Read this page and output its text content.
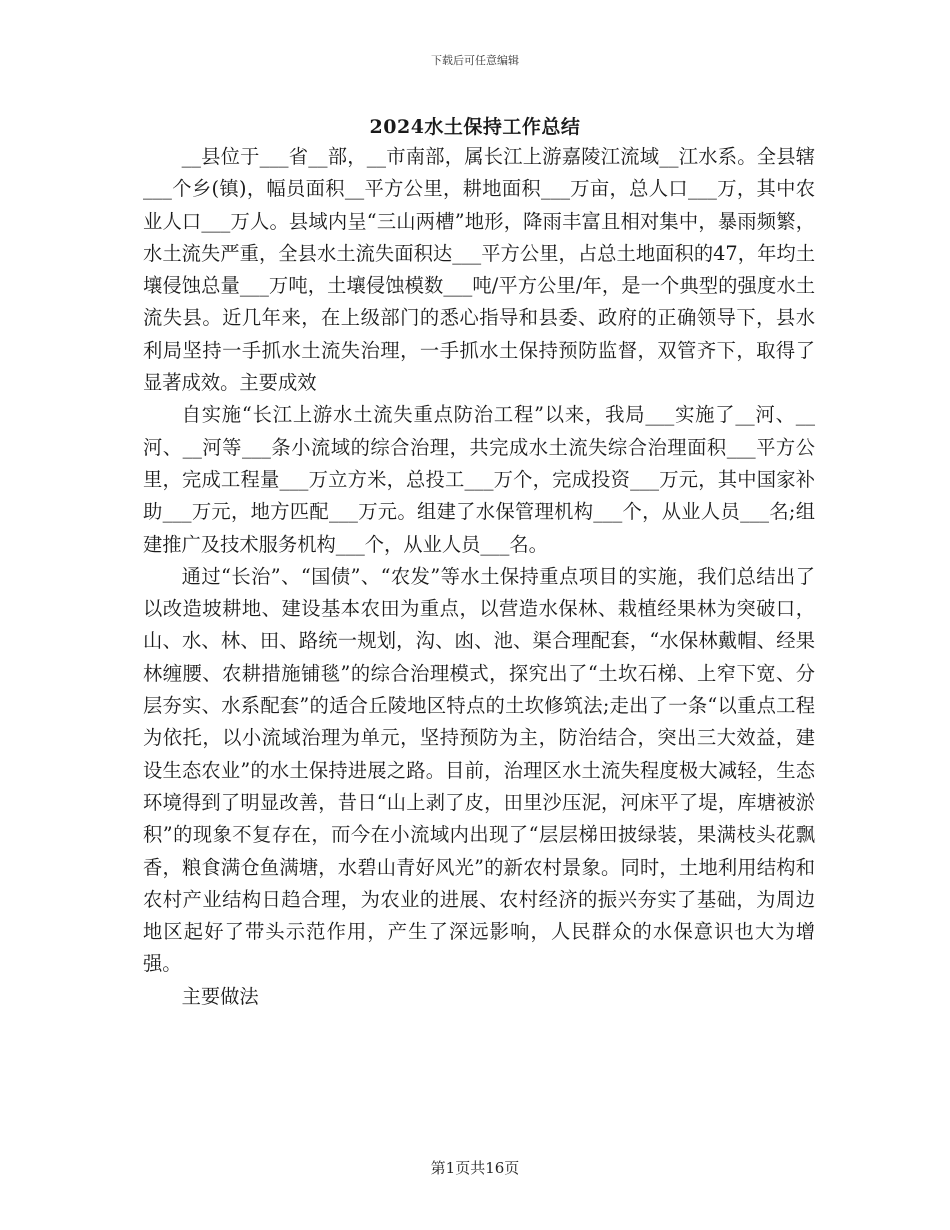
下载后可任意编辑
2024水土保持工作总结

__县位于___省__部，__市南部，属长江上游嘉陵江流域__江水系。全县辖___个乡(镇)，幅员面积__平方公里，耕地面积___万亩，总人口___万，其中农业人口___万人。县域内呈“三山两槽”地形，降雨丰富且相对集中，暴雨频繁，水土流失严重，全县水土流失面积达___平方公里，占总土地面积的47，年均土壤侵蚀总量___万吨，土壤侵蚀模数___吨/平方公里/年，是一个典型的强度水土流失县。近几年来，在上级部门的悉心指导和县委、政府的正确领导下，县水利局坚持一手抓水土流失治理，一手抓水土保持预防监督，双管齐下，取得了显著成效。主要成效

自实施“长江上游水土流失重点防治工程”以来，我局___实施了__河、__河、__河等___条小流域的综合治理，共完成水土流失综合治理面积___平方公里，完成工程量___万立方米，总投工___万个，完成投资___万元，其中国家补助___万元，地方匹配___万元。组建了水保管理机构___个，从业人员___名;组建推广及技术服务机构___个，从业人员___名。

通过“长治”、“国债”、“农发”等水土保持重点项目的实施，我们总结出了以改造坡耕地、建设基本农田为重点，以营造水保林、栽植经果林为突破口，山、水、林、田、路统一规划，沟、凼、池、渠合理配套，“水保林戴帽、经果林缠腰、农耕措施铺毯”的综合治理模式，探究出了“土坎石梯、上窄下宽、分层夯实、水系配套”的适合丘陵地区特点的土坎修筑法;走出了一条“以重点工程为依托，以小流域治理为单元，坚持预防为主，防治结合，突出三大效益，建设生态农业”的水土保持进展之路。目前，治理区水土流失程度极大减轻，生态环境得到了明显改善，昔日“山上剥了皮，田里沙压泥，河床平了堤，库塘被淤积”的现象不复存在，而今在小流域内出现了“层层梯田披绿装，果满枝头花飘香，粮食满仓鱼满塘，水碧山青好风光”的新农村景象。同时，土地利用结构和农村产业结构日趋合理，为农业的进展、农村经济的振兴夯实了基础，为周边地区起好了带头示范作用，产生了深远影响，人民群众的水保意识也大为增强。

主要做法

第1页共16页
